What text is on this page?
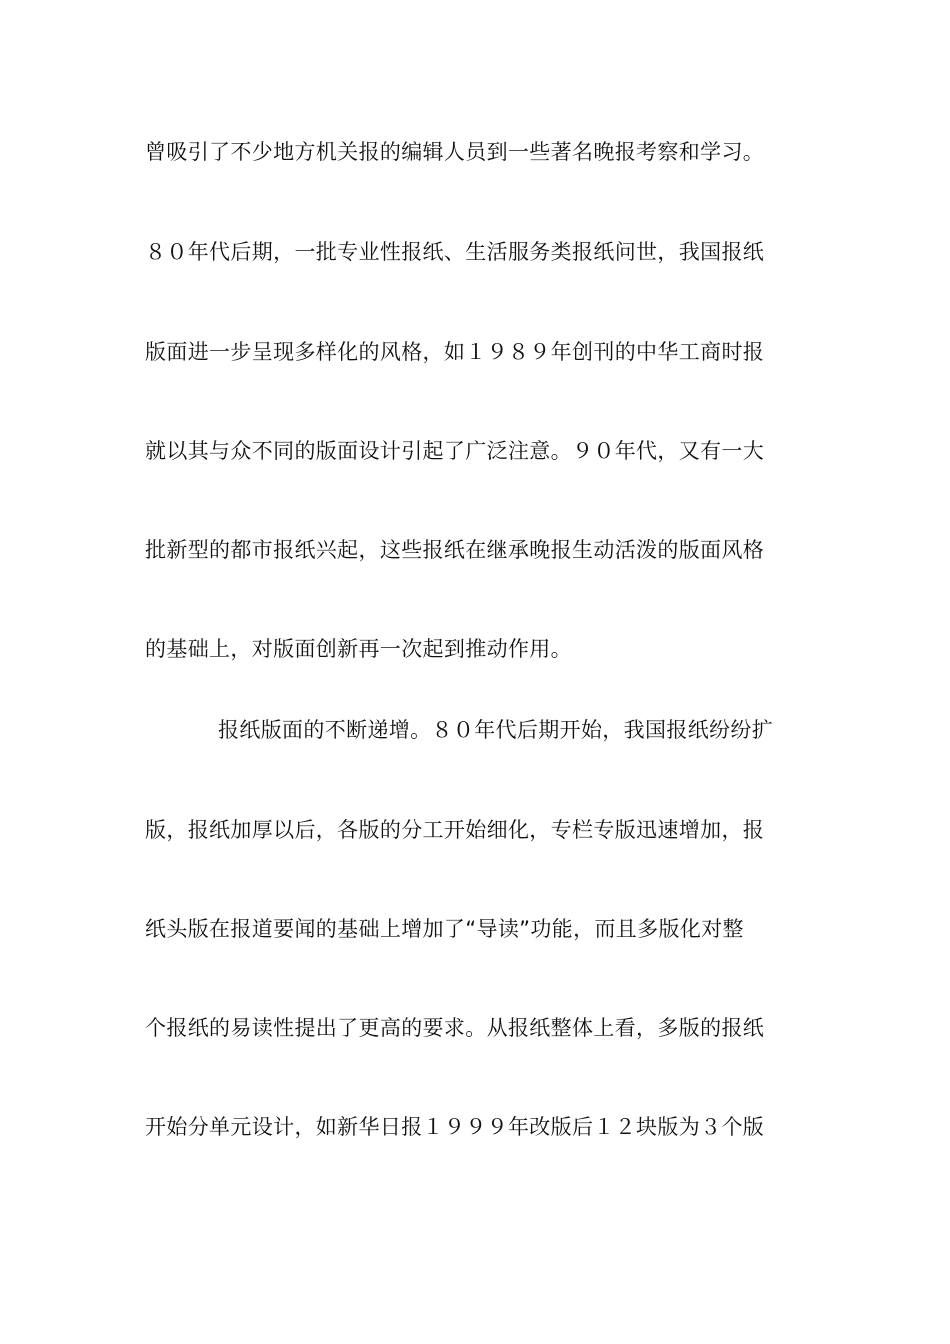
曾吸引了不少地方机关报的编辑人员到一些著名晚报考察和学习。
８０年代后期，一批专业性报纸、生活服务类报纸问世，我国报纸
版面进一步呈现多样化的风格，如１９８９年创刊的中华工商时报
就以其与众不同的版面设计引起了广泛注意。９０年代，又有一大
批新型的都市报纸兴起，这些报纸在继承晚报生动活泼的版面风格
的基础上，对版面创新再一次起到推动作用。
报纸版面的不断递增。８０年代后期开始，我国报纸纷纷扩
版，报纸加厚以后，各版的分工开始细化，专栏专版迅速增加，报
纸头版在报道要闻的基础上增加了“导读”功能，而且多版化对整
个报纸的易读性提出了更高的要求。从报纸整体上看，多版的报纸
开始分单元设计，如新华日报１９９９年改版后１２块版为３个版
